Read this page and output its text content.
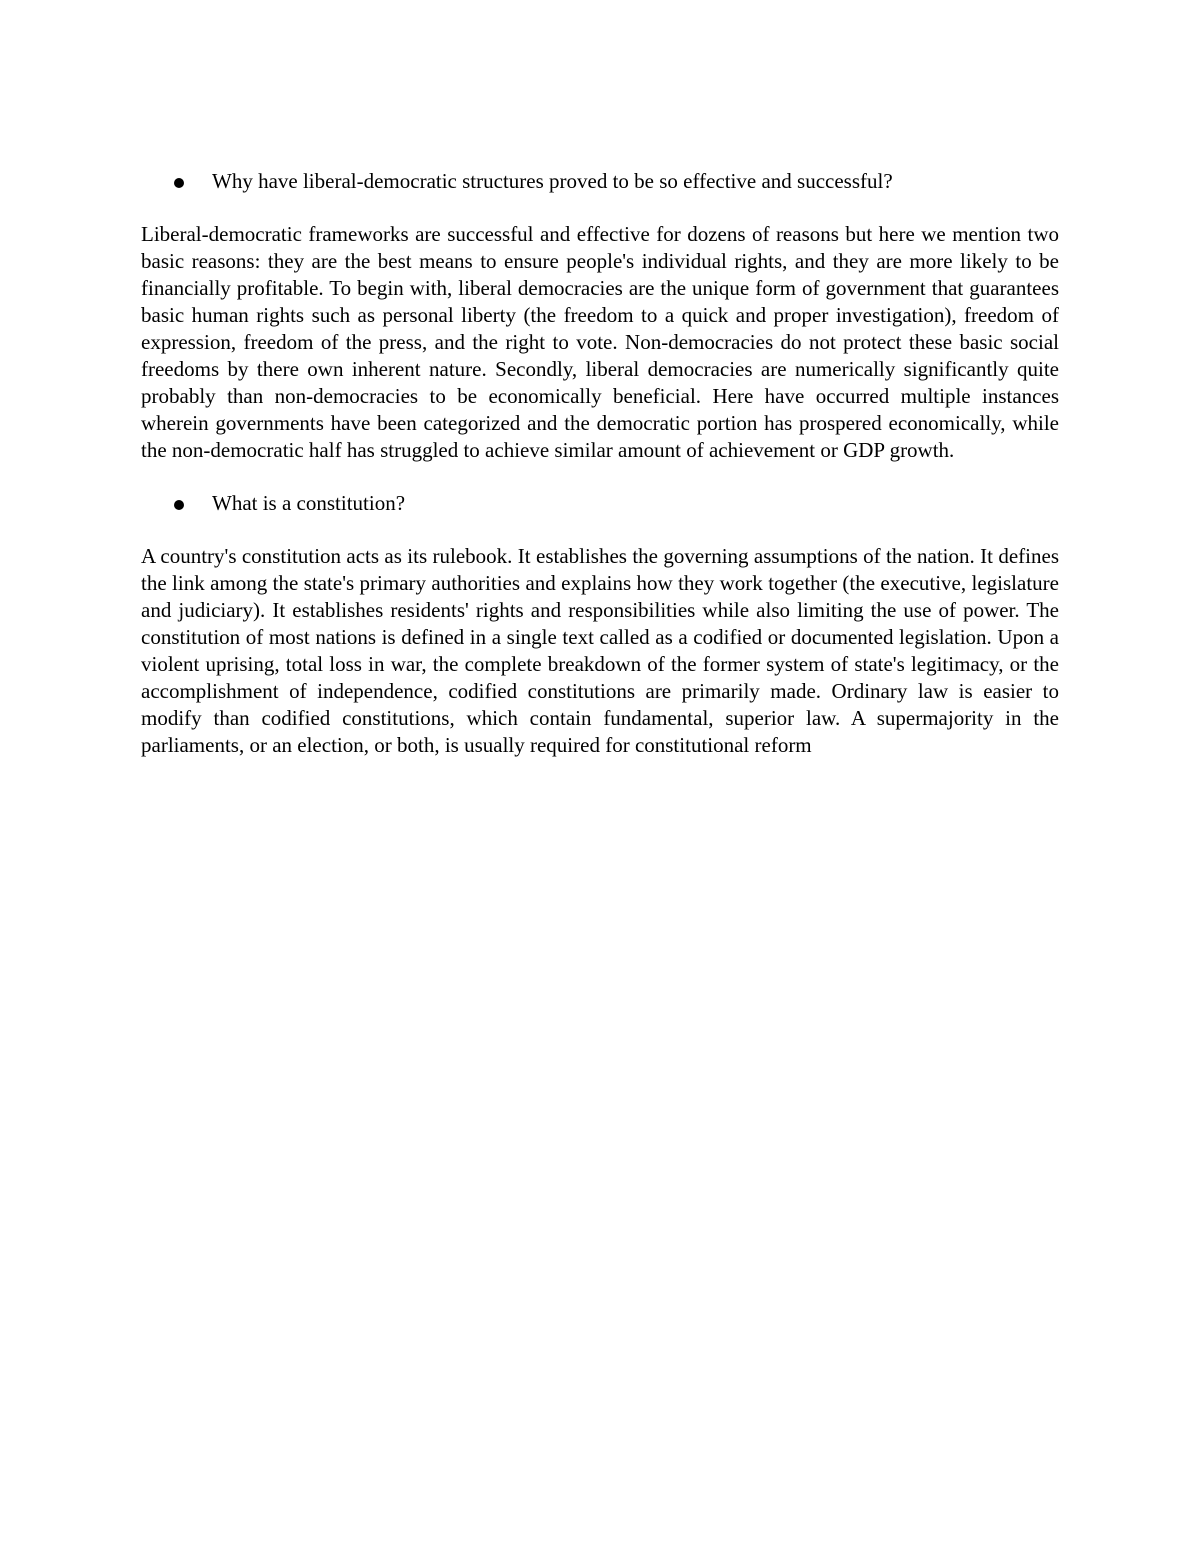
Why have liberal-democratic structures proved to be so effective and successful?

Liberal-democratic frameworks are successful and effective for dozens of reasons but here we mention two basic reasons: they are the best means to ensure people's individual rights, and they are more likely to be financially profitable. To begin with, liberal democracies are the unique form of government that guarantees basic human rights such as personal liberty (the freedom to a quick and proper investigation), freedom of expression, freedom of the press, and the right to vote. Non-democracies do not protect these basic social freedoms by there own inherent nature. Secondly, liberal democracies are numerically significantly quite probably than non-democracies to be economically beneficial. Here have occurred multiple instances wherein governments have been categorized and the democratic portion has prospered economically, while the non-democratic half has struggled to achieve similar amount of achievement or GDP growth.

What is a constitution?

A country's constitution acts as its rulebook. It establishes the governing assumptions of the nation. It defines the link among the state's primary authorities and explains how they work together (the executive, legislature and judiciary). It establishes residents' rights and responsibilities while also limiting the use of power. The constitution of most nations is defined in a single text called as a codified or documented legislation. Upon a violent uprising, total loss in war, the complete breakdown of the former system of state's legitimacy, or the accomplishment of independence, codified constitutions are primarily made. Ordinary law is easier to modify than codified constitutions, which contain fundamental, superior law. A supermajority in the parliaments, or an election, or both, is usually required for constitutional reform
